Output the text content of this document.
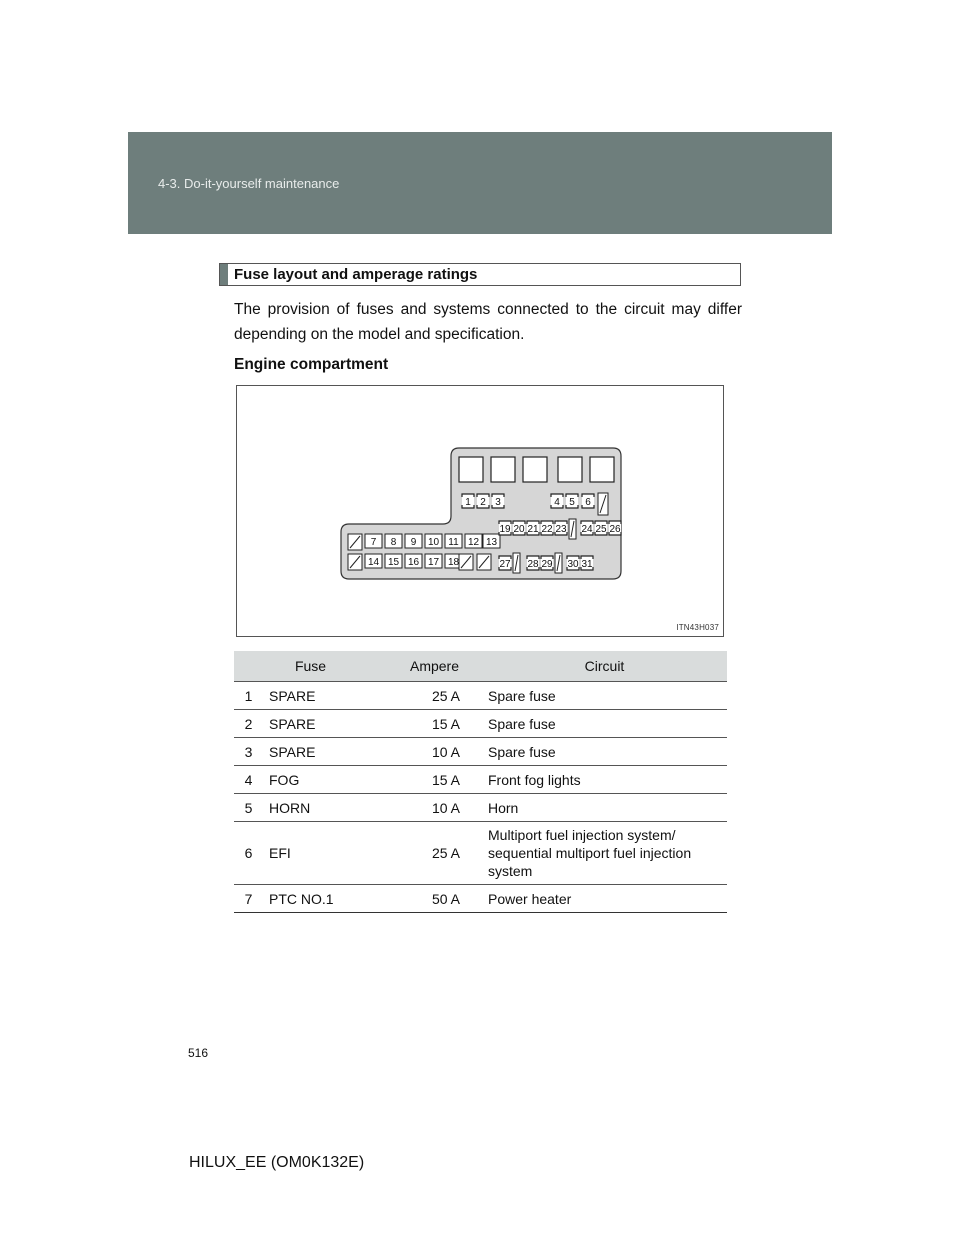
4-3. Do-it-yourself maintenance
Fuse layout and amperage ratings
The provision of fuses and systems connected to the circuit may differ depending on the model and specification.
Engine compartment
1 2 3	4 5 6
7 8 9 10 11 12 13
14 15 16 17 18
19 20 21 22 23 24 25 26
27 28 29 30 31
ITN43H037
Fuse		Ampere	Circuit
1	SPARE	25 A	Spare fuse
2	SPARE	15 A	Spare fuse
3	SPARE	10 A	Spare fuse
4	FOG	15 A	Front fog lights
5	HORN	10 A	Horn
6	EFI	25 A	Multiport fuel injection system/ sequential multiport fuel injection system
7	PTC NO.1	50 A	Power heater
516
HILUX_EE (OM0K132E)
